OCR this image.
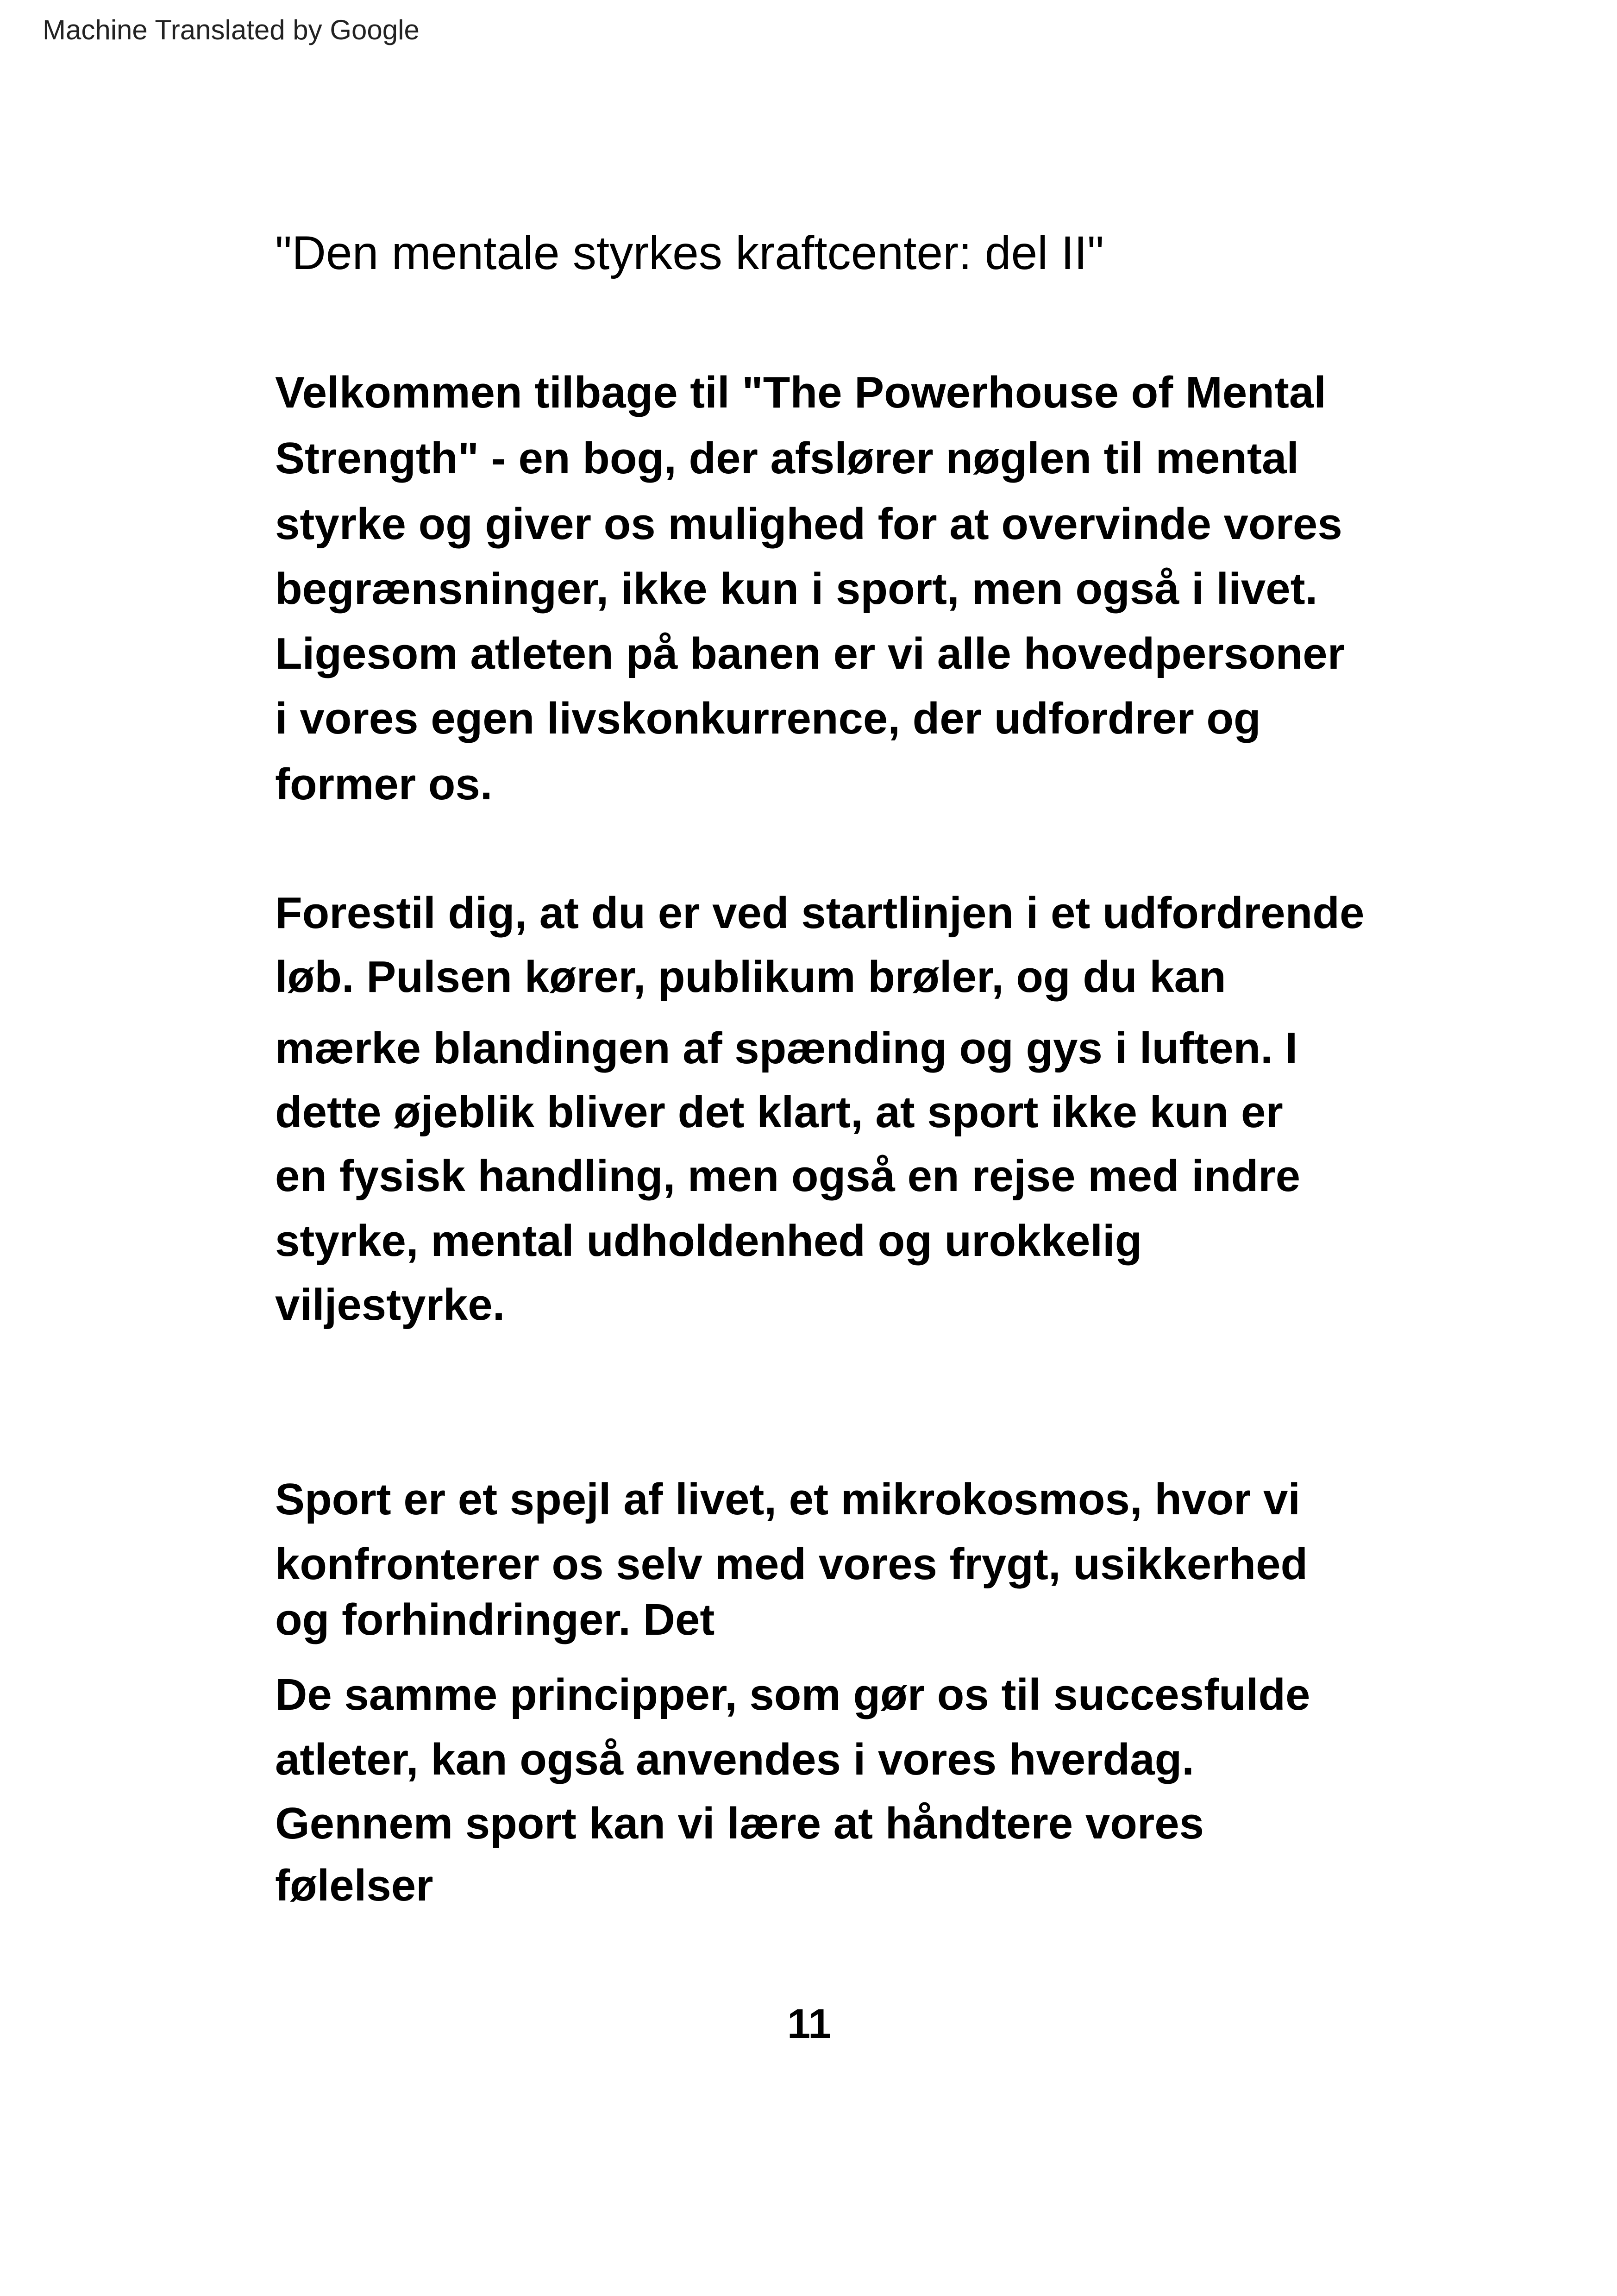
Machine Translated by Google
"Den mentale styrkes kraftcenter: del II"
Velkommen tilbage til "The Powerhouse of Mental
Strength" - en bog, der afslører nøglen til mental
styrke og giver os mulighed for at overvinde vores
begrænsninger, ikke kun i sport, men også i livet.
Ligesom atleten på banen er vi alle hovedpersoner
i vores egen livskonkurrence, der udfordrer og
former os.
Forestil dig, at du er ved startlinjen i et udfordrende
løb. Pulsen kører, publikum brøler, og du kan
mærke blandingen af spænding og gys i luften. I
dette øjeblik bliver det klart, at sport ikke kun er
en fysisk handling, men også en rejse med indre
styrke, mental udholdenhed og urokkelig
viljestyrke.
Sport er et spejl af livet, et mikrokosmos, hvor vi
konfronterer os selv med vores frygt, usikkerhed
og forhindringer. Det
De samme principper, som gør os til succesfulde
atleter, kan også anvendes i vores hverdag.
Gennem sport kan vi lære at håndtere vores
følelser
11
